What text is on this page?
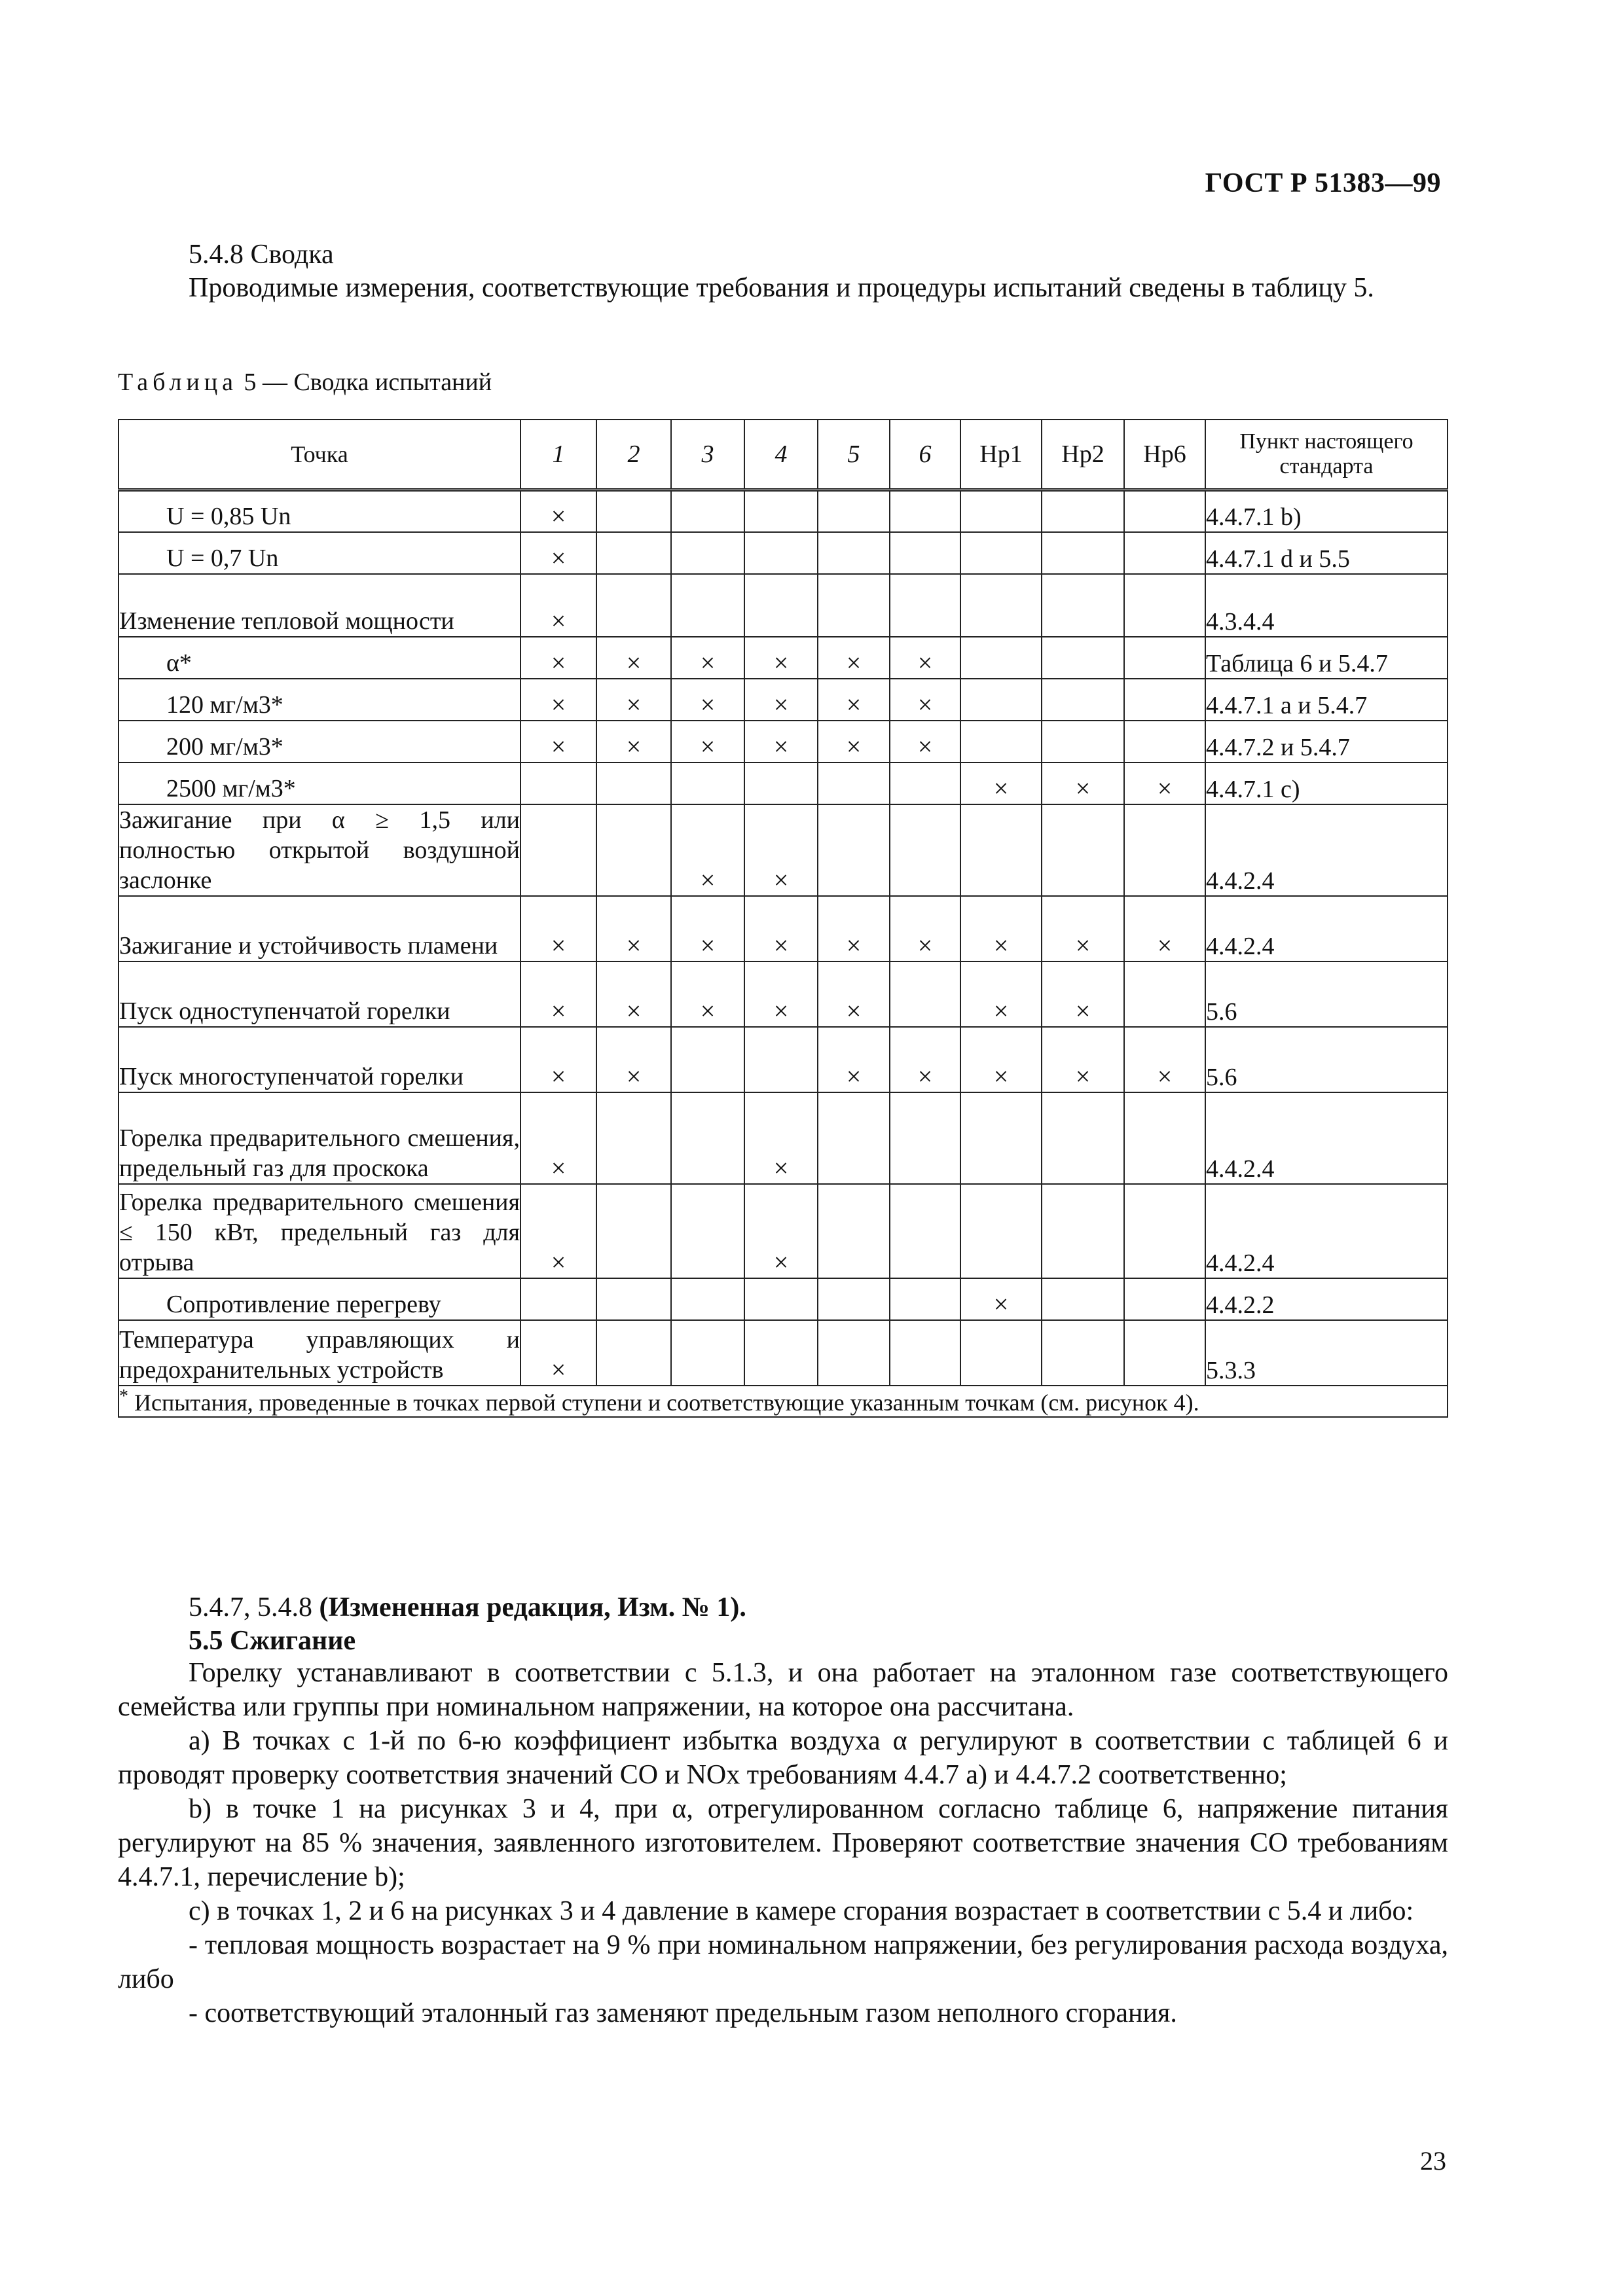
ГОСТ Р 51383—99
5.4.8 Сводка
Проводимые измерения, соответствующие требования и процедуры испытаний сведены в таблицу 5.
Таблица 5 — Сводка испытаний
Точка	1	2	3	4	5	6	Hp1	Hp2	Hp6	Пункт настоящего стандарта

U = 0,85 Un	×									4.4.7.1 b)

U = 0,7 Un	×									4.4.7.1 d и 5.5

Изменение тепловой мощности	×									4.3.4.4

α*	×	×	×	×	×	×				Таблица 6 и 5.4.7

120 мг/м3*	×	×	×	×	×	×				4.4.7.1 а и 5.4.7

200 мг/м3*	×	×	×	×	×	×				4.4.7.2 и 5.4.7

2500 мг/м3*							×	×	×	4.4.7.1 с)

Зажигание при α ≥ 1,5 или полностью открытой воздушной заслонке			×	×						4.4.2.4

Зажигание и устойчивость пламени	×	×	×	×	×	×	×	×	×	4.4.2.4

Пуск одноступенчатой горелки	×	×	×	×	×		×	×		5.6

Пуск многоступенчатой горелки	×	×			×	×	×	×	×	5.6

Горелка предварительного смешения, предельный газ для проскока	×			×						4.4.2.4

Горелка предварительного смешения ≤ 150 кВт, предельный газ для отрыва	×			×						4.4.2.4

Сопротивление перегреву							×			4.4.2.2

Температура управляющих и предохранительных устройств	×									5.3.3
* Испытания, проведенные в точках первой ступени и соответствующие указанным точкам (см. рисунок 4).										
5.4.7, 5.4.8 (Измененная редакция, Изм. № 1).
5.5 Сжигание

Горелку устанавливают в соответствии с 5.1.3, и она работает на эталонном газе соответствующего семейства или группы при номинальном напряжении, на которое она рассчитана.

а) В точках с 1-й по 6-ю коэффициент избытка воздуха α регулируют в соответствии с таблицей 6 и проводят проверку соответствия значений СО и NOx требованиям 4.4.7 а) и 4.4.7.2 соответственно;

b) в точке 1 на рисунках 3 и 4, при α, отрегулированном согласно таблице 6, напряжение питания регулируют на 85 % значения, заявленного изготовителем. Проверяют соответствие значения СО требованиям 4.4.7.1, перечисление b);

с) в точках 1, 2 и 6 на рисунках 3 и 4 давление в камере сгорания возрастает в соответствии с 5.4 и либо:

- тепловая мощность возрастает на 9 % при номинальном напряжении, без регулирования расхода воздуха, либо

- соответствующий эталонный газ заменяют предельным газом неполного сгорания.

23
